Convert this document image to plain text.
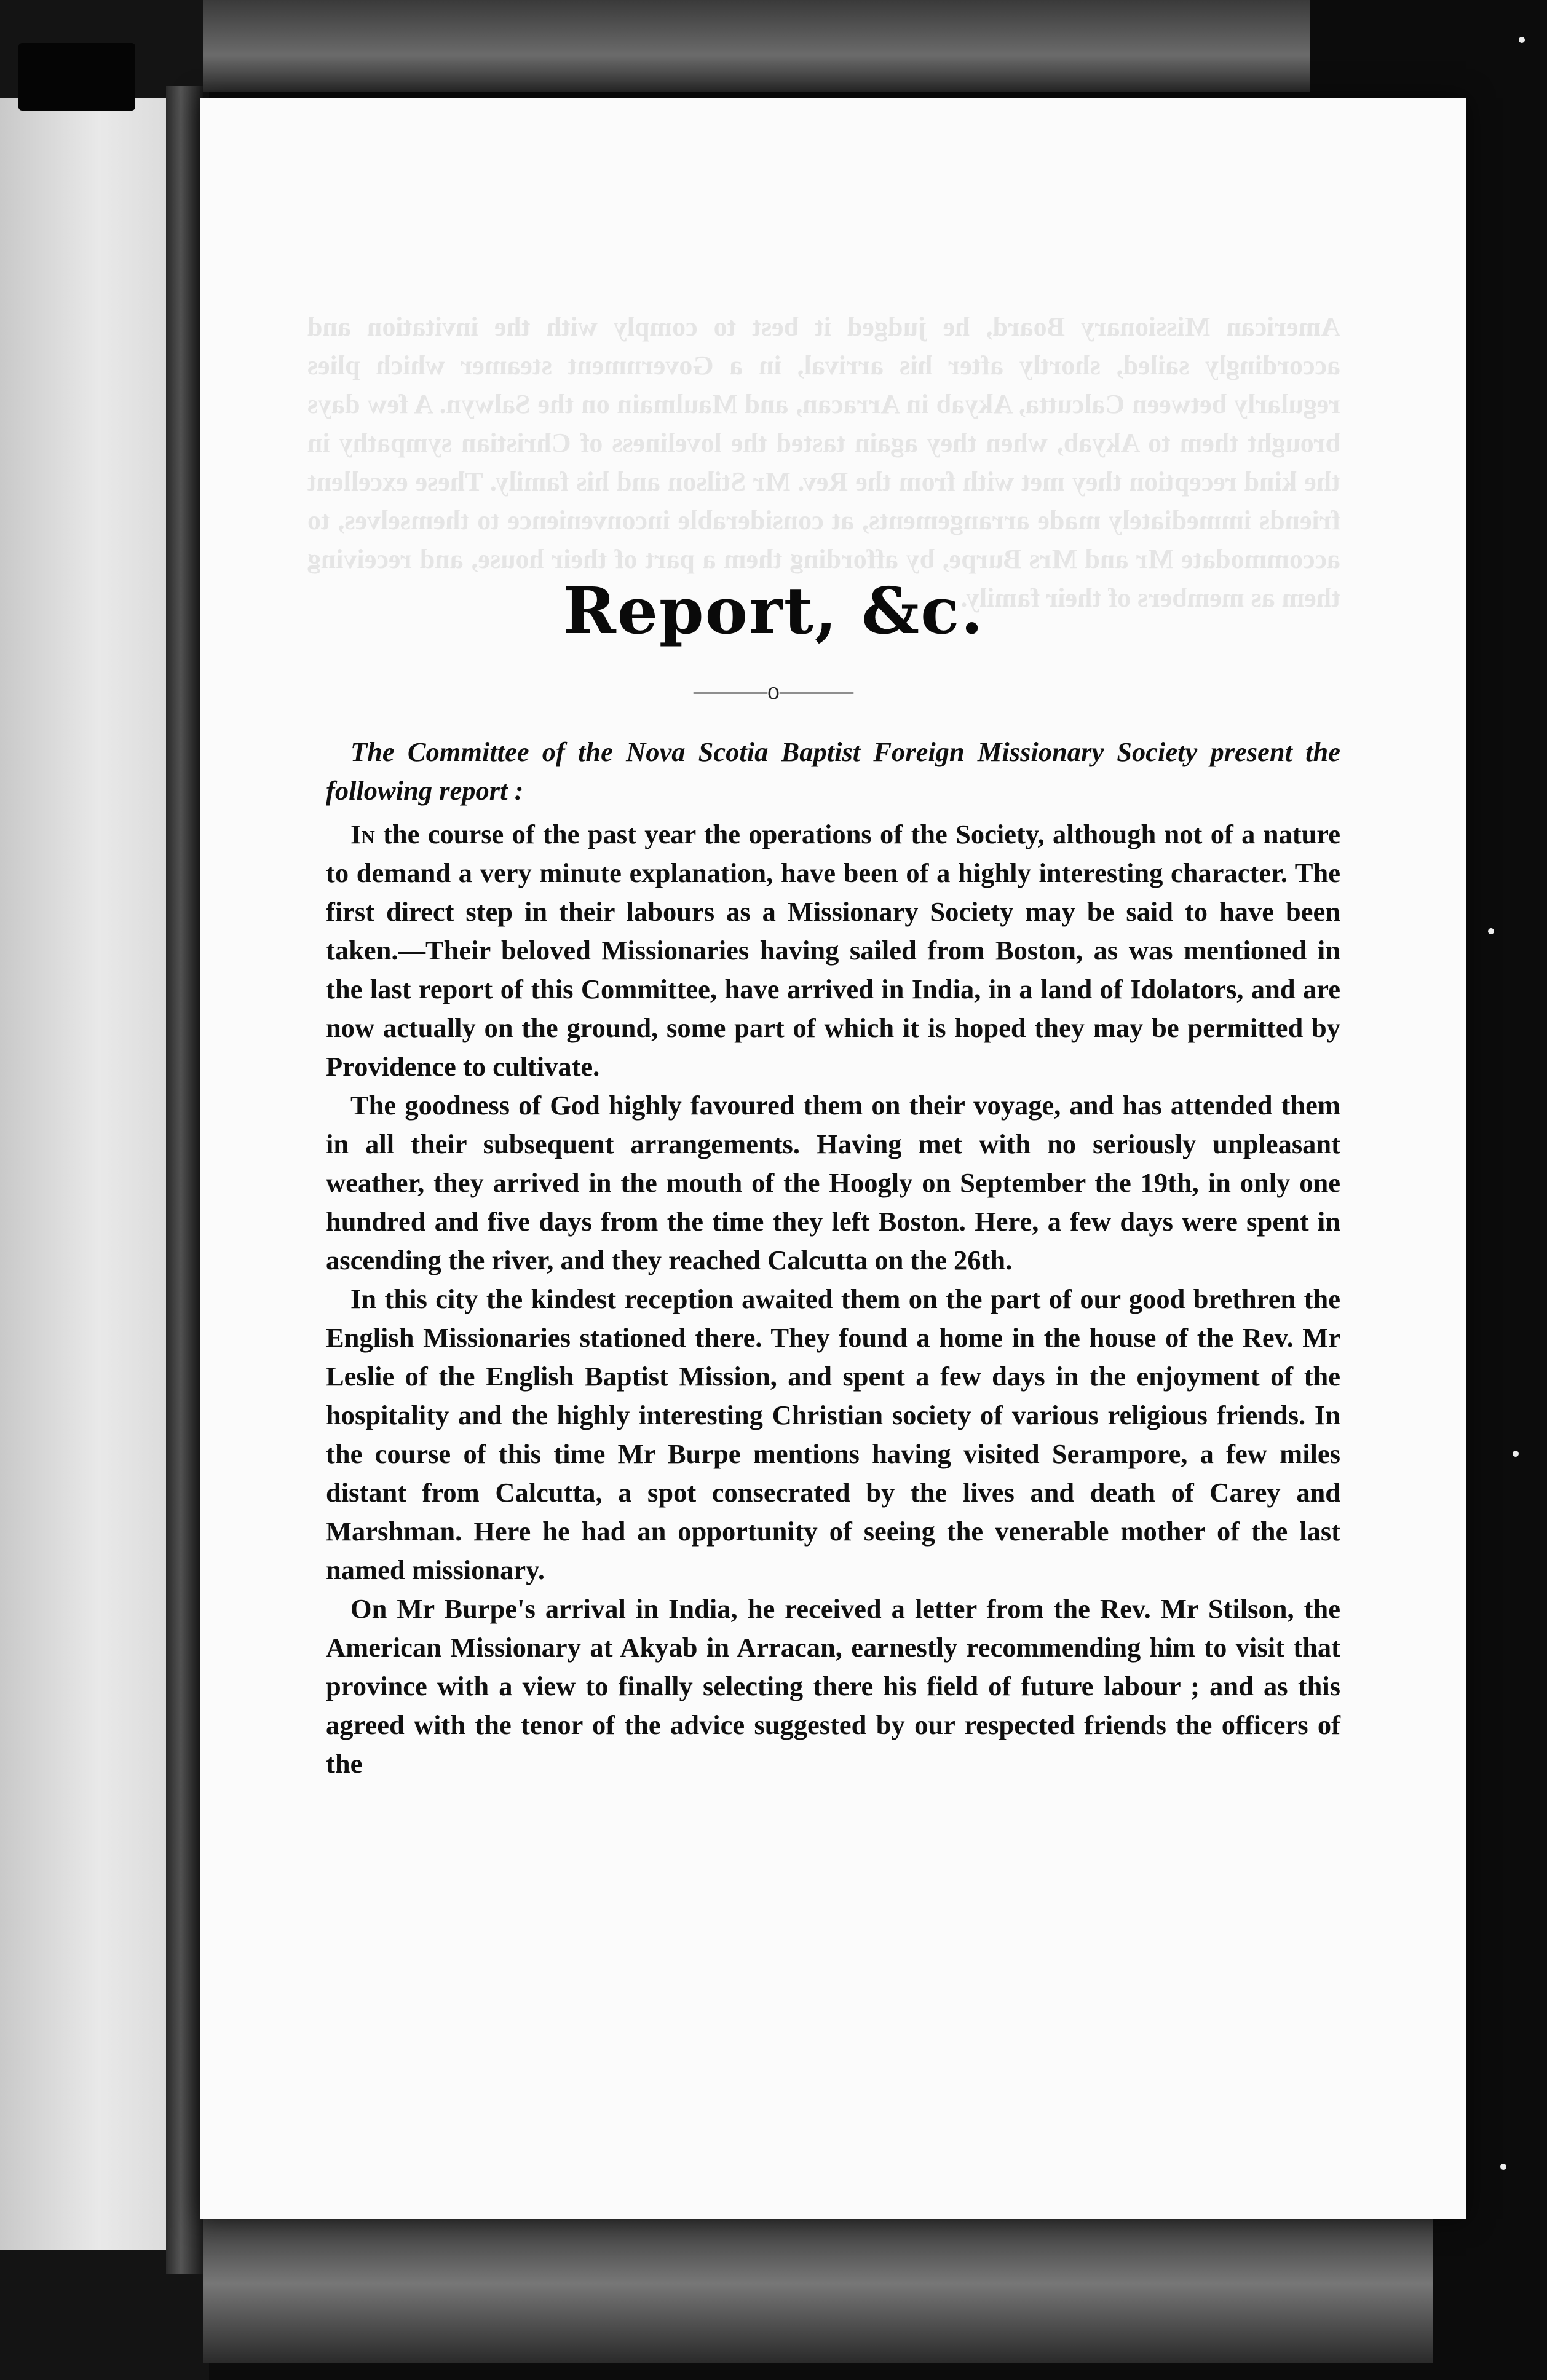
American Missionary Board, he judged it best to comply with the invitation and accordingly sailed, shortly after his arrival, in a Government steamer which plies regularly between Calcutta, Akyab in Arracan, and Maulmain on the Salwyn. A few days brought them to Akyab, when they again tasted the loveliness of Christian sympathy in the kind reception they met with from the Rev. Mr Stilson and his family. These excellent friends immediately made arrangements, at considerable inconvenience to themselves, to accommodate Mr and Mrs Burpe, by affording them a part of their house, and receiving them as members of their family.

Report, &c.
———o———

The Committee of the Nova Scotia Baptist Foreign Missionary Society present the following report :

In the course of the past year the operations of the Society, although not of a nature to demand a very minute explanation, have been of a highly interesting character. The first direct step in their labours as a Missionary Society may be said to have been taken.—Their beloved Missionaries having sailed from Boston, as was mentioned in the last report of this Committee, have arrived in India, in a land of Idolators, and are now actually on the ground, some part of which it is hoped they may be permitted by Providence to cultivate.

The goodness of God highly favoured them on their voyage, and has attended them in all their subsequent arrangements. Having met with no seriously unpleasant weather, they arrived in the mouth of the Hoogly on September the 19th, in only one hundred and five days from the time they left Boston. Here, a few days were spent in ascending the river, and they reached Calcutta on the 26th.

In this city the kindest reception awaited them on the part of our good brethren the English Missionaries stationed there. They found a home in the house of the Rev. Mr Leslie of the English Baptist Mission, and spent a few days in the enjoyment of the hospitality and the highly interesting Christian society of various religious friends. In the course of this time Mr Burpe mentions having visited Serampore, a few miles distant from Calcutta, a spot consecrated by the lives and death of Carey and Marshman. Here he had an opportunity of seeing the venerable mother of the last named missionary.

On Mr Burpe's arrival in India, he received a letter from the Rev. Mr Stilson, the American Missionary at Akyab in Arracan, earnestly recommending him to visit that province with a view to finally selecting there his field of future labour ; and as this agreed with the tenor of the advice suggested by our respected friends the officers of the
